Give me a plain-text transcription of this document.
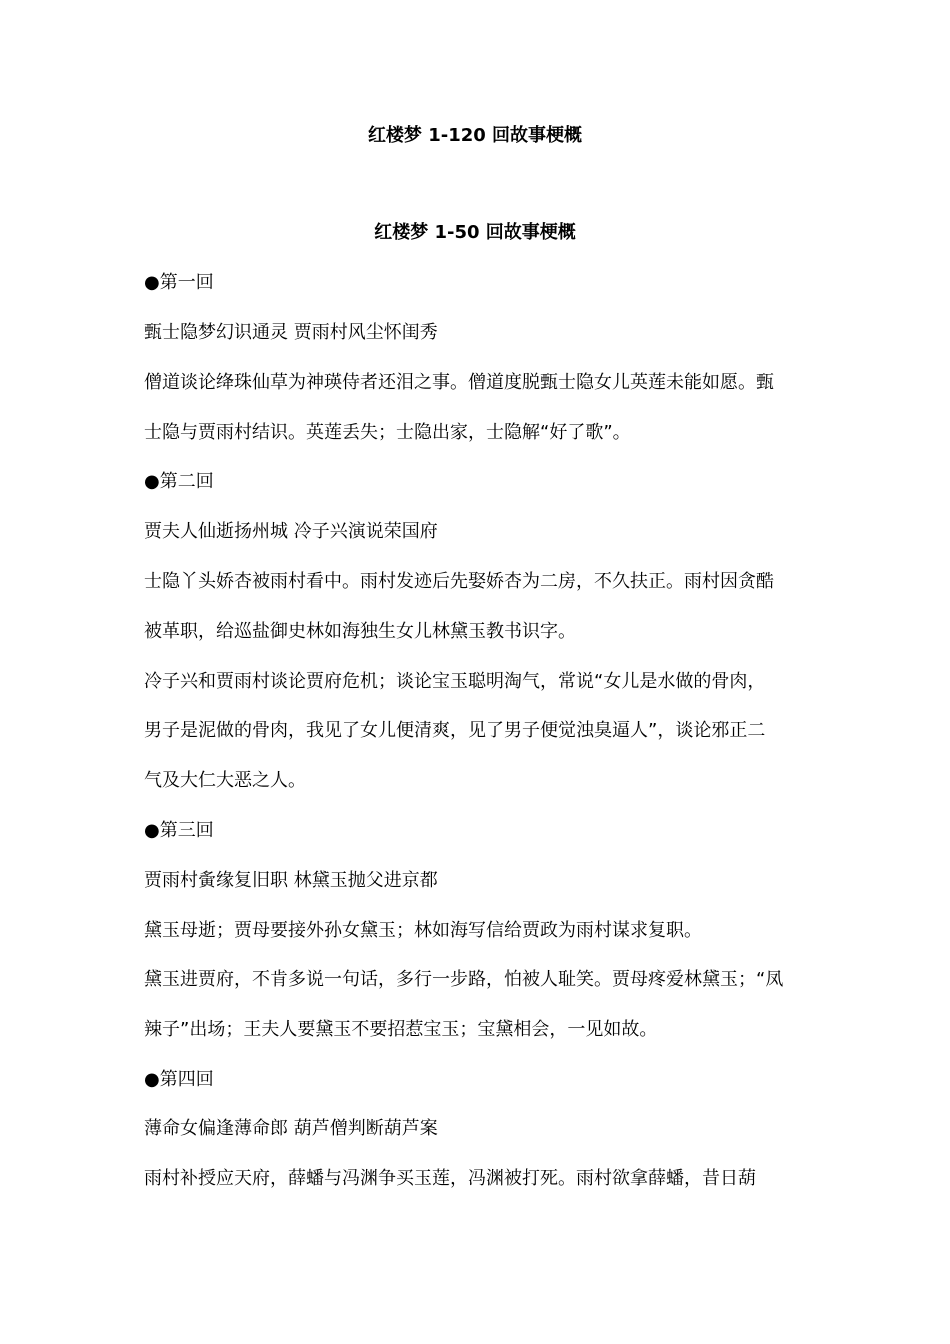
红楼梦 1-120 回故事梗概
红楼梦 1-50 回故事梗概
●第一回
甄士隐梦幻识通灵 贾雨村风尘怀闺秀
僧道谈论绛珠仙草为神瑛侍者还泪之事。僧道度脱甄士隐女儿英莲未能如愿。甄
士隐与贾雨村结识。英莲丢失；士隐出家，士隐解“好了歌”。
●第二回
贾夫人仙逝扬州城 冷子兴演说荣国府
士隐丫头娇杏被雨村看中。雨村发迹后先娶娇杏为二房，不久扶正。雨村因贪酷
被革职，给巡盐御史林如海独生女儿林黛玉教书识字。
冷子兴和贾雨村谈论贾府危机；谈论宝玉聪明淘气，常说“女儿是水做的骨肉，
男子是泥做的骨肉，我见了女儿便清爽，见了男子便觉浊臭逼人”，谈论邪正二
气及大仁大恶之人。
●第三回
贾雨村夤缘复旧职 林黛玉抛父进京都
黛玉母逝；贾母要接外孙女黛玉；林如海写信给贾政为雨村谋求复职。
黛玉进贾府，不肯多说一句话，多行一步路，怕被人耻笑。贾母疼爱林黛玉；“凤
辣子”出场；王夫人要黛玉不要招惹宝玉；宝黛相会，一见如故。
●第四回
薄命女偏逢薄命郎 葫芦僧判断葫芦案
雨村补授应天府，薛蟠与冯渊争买玉莲，冯渊被打死。雨村欲拿薛蟠，昔日葫
